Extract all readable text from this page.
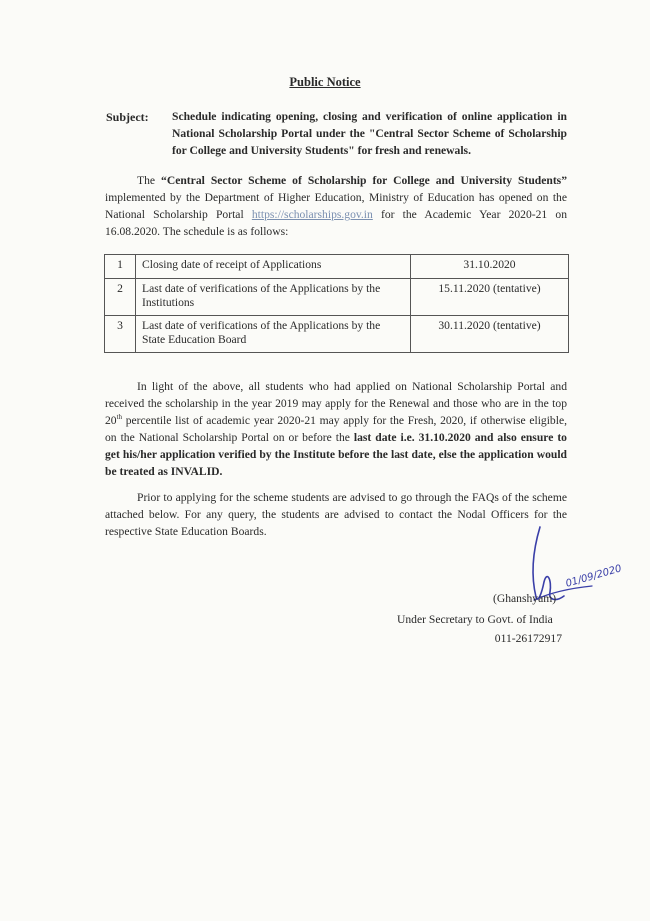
Public Notice
Subject: Schedule indicating opening, closing and verification of online application in National Scholarship Portal under the "Central Sector Scheme of Scholarship for College and University Students" for fresh and renewals.
The “Central Sector Scheme of Scholarship for College and University Students” implemented by the Department of Higher Education, Ministry of Education has opened on the National Scholarship Portal https://scholarships.gov.in for the Academic Year 2020-21 on 16.08.2020. The schedule is as follows:
1	Closing date of receipt of Applications	31.10.2020
2	Last date of verifications of the Applications by the Institutions	15.11.2020 (tentative)
3	Last date of verifications of the Applications by the State Education Board	30.11.2020 (tentative)
In light of the above, all students who had applied on National Scholarship Portal and received the scholarship in the year 2019 may apply for the Renewal and those who are in the top 20th percentile list of academic year 2020-21 may apply for the Fresh, 2020, if otherwise eligible, on the National Scholarship Portal on or before the last date i.e. 31.10.2020 and also ensure to get his/her application verified by the Institute before the last date, else the application would be treated as INVALID.
Prior to applying for the scheme students are advised to go through the FAQs of the scheme attached below. For any query, the students are advised to contact the Nodal Officers for the respective State Education Boards.
01/09/2020
(Ghanshyam)
Under Secretary to Govt. of India
011-26172917
